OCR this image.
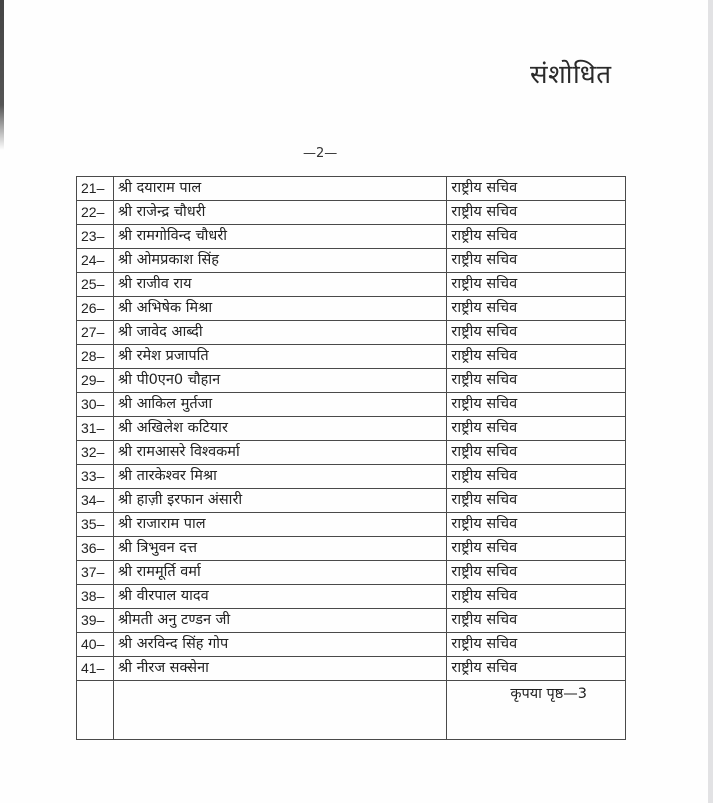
संशोधित
—2—
21–	श्री दयाराम पाल	राष्ट्रीय सचिव
22–	श्री राजेन्द्र चौधरी	राष्ट्रीय सचिव
23–	श्री रामगोविन्द चौधरी	राष्ट्रीय सचिव
24–	श्री ओमप्रकाश सिंह	राष्ट्रीय सचिव
25–	श्री राजीव राय	राष्ट्रीय सचिव
26–	श्री अभिषेक मिश्रा	राष्ट्रीय सचिव
27–	श्री जावेद आब्दी	राष्ट्रीय सचिव
28–	श्री रमेश प्रजापति	राष्ट्रीय सचिव
29–	श्री पी0एन0 चौहान	राष्ट्रीय सचिव
30–	श्री आकिल मुर्तजा	राष्ट्रीय सचिव
31–	श्री अखिलेश कटियार	राष्ट्रीय सचिव
32–	श्री रामआसरे विश्वकर्मा	राष्ट्रीय सचिव
33–	श्री तारकेश्वर मिश्रा	राष्ट्रीय सचिव
34–	श्री हाज़ी इरफान अंसारी	राष्ट्रीय सचिव
35–	श्री राजाराम पाल	राष्ट्रीय सचिव
36–	श्री त्रिभुवन दत्त	राष्ट्रीय सचिव
37–	श्री राममूर्ति वर्मा	राष्ट्रीय सचिव
38–	श्री वीरपाल यादव	राष्ट्रीय सचिव
39–	श्रीमती अनु टण्डन जी	राष्ट्रीय सचिव
40–	श्री अरविन्द सिंह गोप	राष्ट्रीय सचिव
41–	श्री नीरज सक्सेना	राष्ट्रीय सचिव

		कृपया पृष्ठ—3
